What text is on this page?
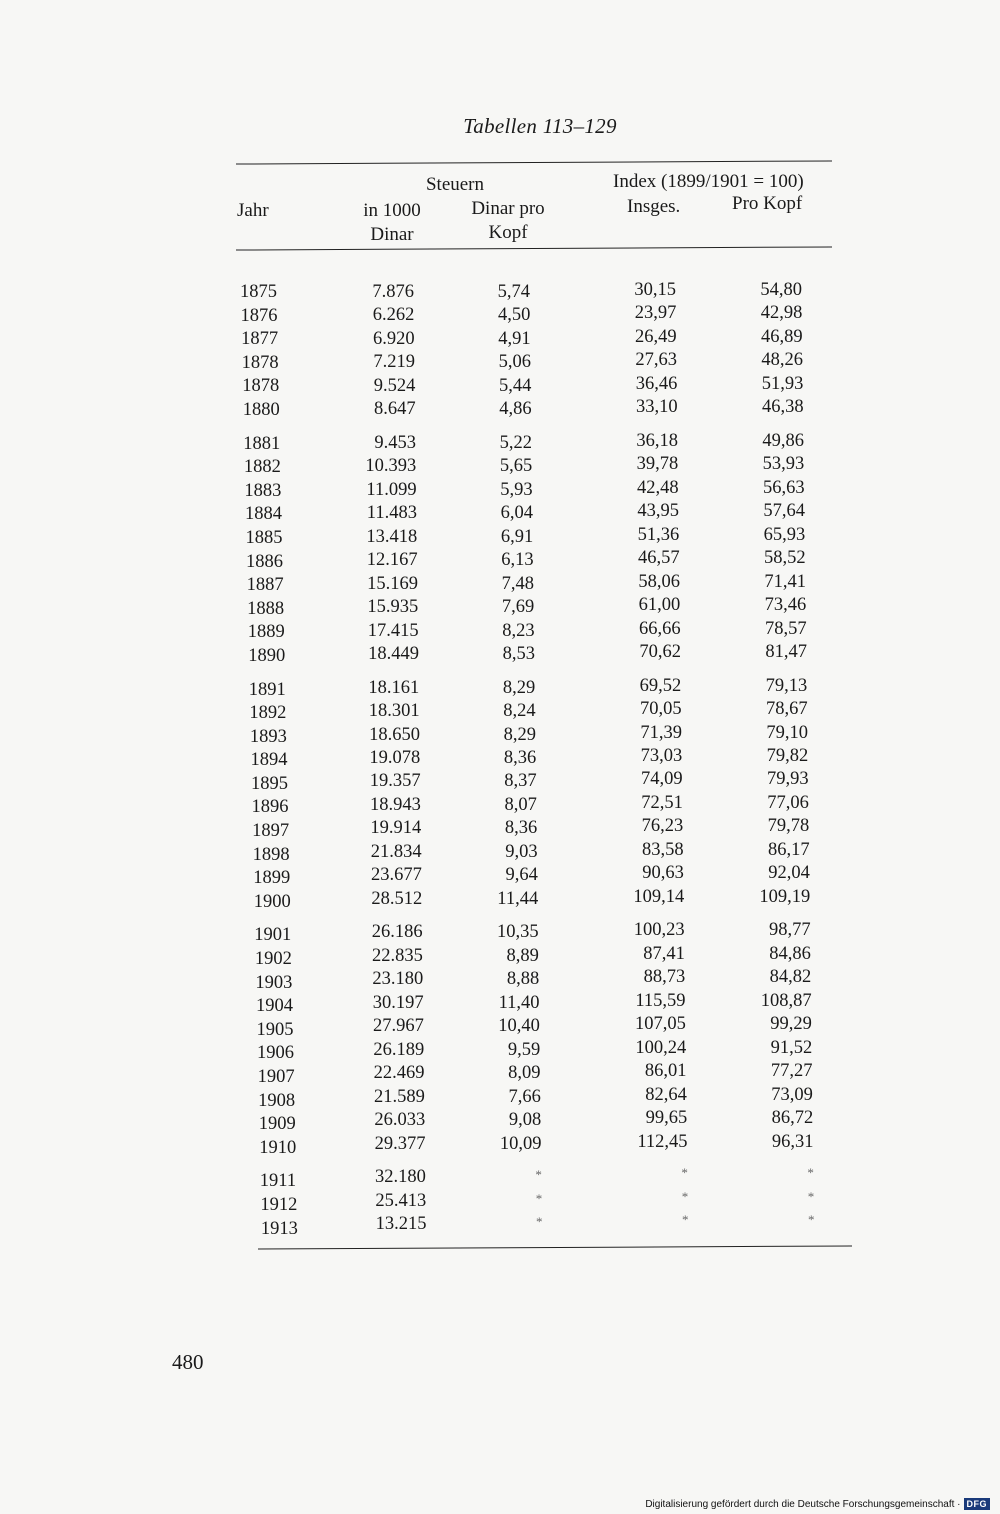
Tabellen 113–129
Jahr
Steuern
in 1000
Dinar
Dinar pro
Kopf
Index (1899/1901 = 100)
Insges.	Pro Kopf
1875	7.876	5,74	30,15	54,80
1876	6.262	4,50	23,97	42,98
1877	6.920	4,91	26,49	46,89
1878	7.219	5,06	27,63	48,26
1878	9.524	5,44	36,46	51,93
1880	8.647	4,86	33,10	46,38
1881	9.453	5,22	36,18	49,86
1882	10.393	5,65	39,78	53,93
1883	11.099	5,93	42,48	56,63
1884	11.483	6,04	43,95	57,64
1885	13.418	6,91	51,36	65,93
1886	12.167	6,13	46,57	58,52
1887	15.169	7,48	58,06	71,41
1888	15.935	7,69	61,00	73,46
1889	17.415	8,23	66,66	78,57
1890	18.449	8,53	70,62	81,47
1891	18.161	8,29	69,52	79,13
1892	18.301	8,24	70,05	78,67
1893	18.650	8,29	71,39	79,10
1894	19.078	8,36	73,03	79,82
1895	19.357	8,37	74,09	79,93
1896	18.943	8,07	72,51	77,06
1897	19.914	8,36	76,23	79,78
1898	21.834	9,03	83,58	86,17
1899	23.677	9,64	90,63	92,04
1900	28.512	11,44	109,14	109,19
1901	26.186	10,35	100,23	98,77
1902	22.835	8,89	87,41	84,86
1903	23.180	8,88	88,73	84,82
1904	30.197	11,40	115,59	108,87
1905	27.967	10,40	107,05	99,29
1906	26.189	9,59	100,24	91,52
1907	22.469	8,09	86,01	77,27
1908	21.589	7,66	82,64	73,09
1909	26.033	9,08	99,65	86,72
1910	29.377	10,09	112,45	96,31
1911	32.180	*	*	*
1912	25.413	*	*	*
1913	13.215	*	*	*
480
Digitalisierung gefördert durch die Deutsche Forschungsgemeinschaft · DFG
